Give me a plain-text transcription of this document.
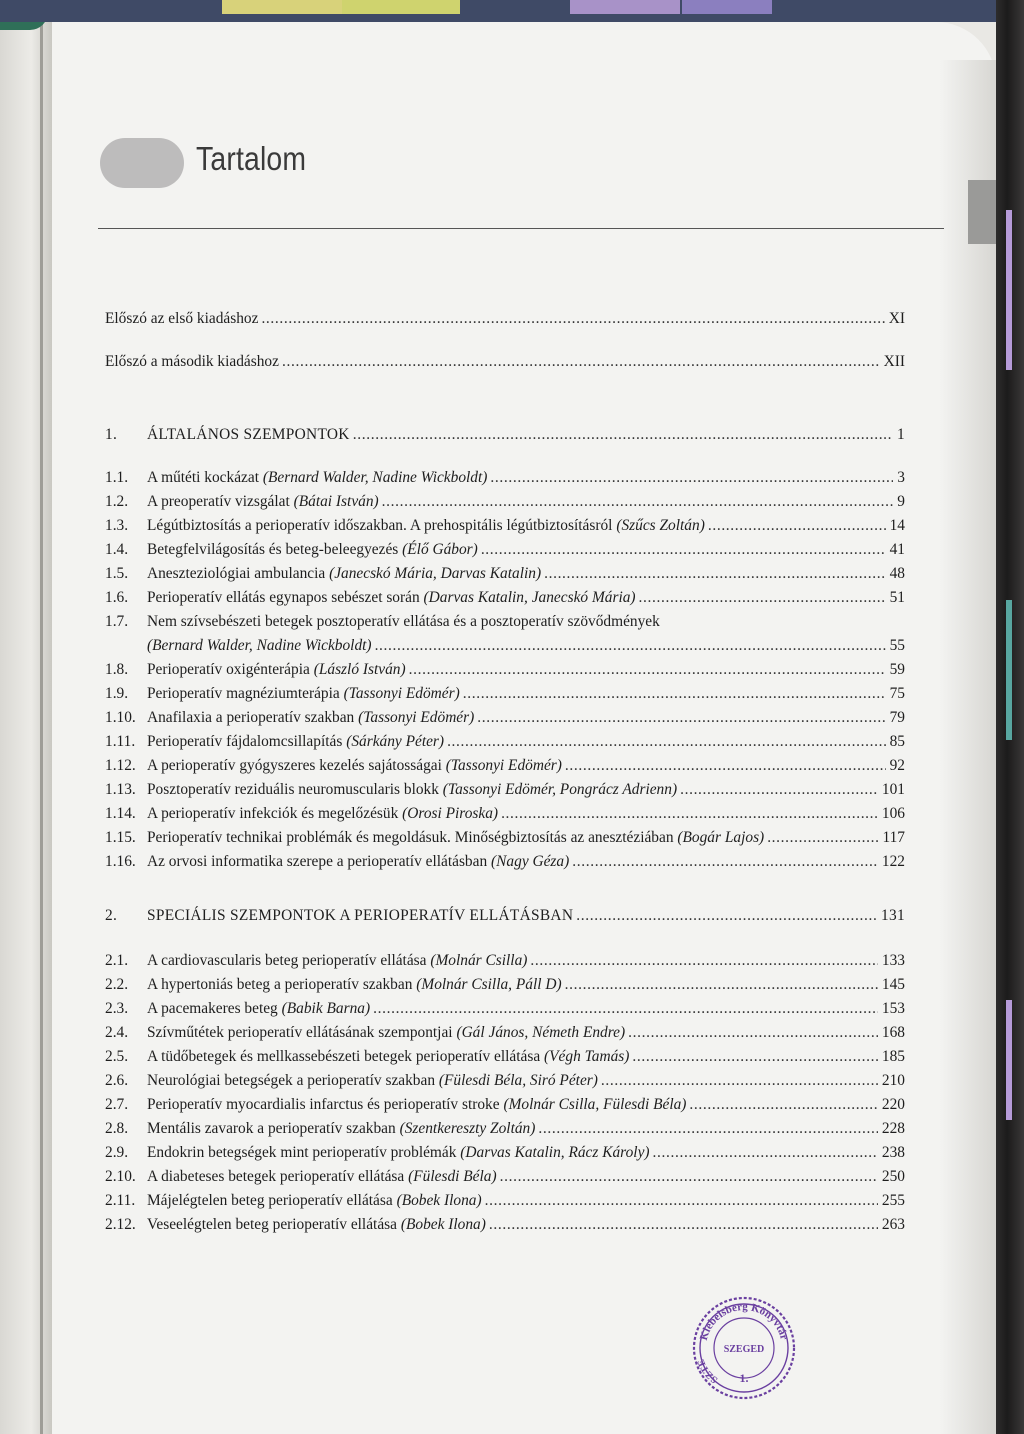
Tartalom
Előszó az első kiadáshoz . . .	XI
Előszó a második kiadáshoz . . .	XII
1. ÁLTALÁNOS SZEMPONTOK . . .	1
1.1. A műtéti kockázat (Bernard Walder, Nadine Wickboldt) . . .	3
1.2. A preoperatív vizsgálat (Bátai István) . . .	9
1.3. Légútbiztosítás a perioperatív időszakban. A prehospitális légútbiztosításról (Szűcs Zoltán) . . .	14
1.4. Betegfelvilágosítás és beteg-beleegyezés (Élő Gábor) . . .	41
1.5. Aneszteziológiai ambulancia (Janecskó Mária, Darvas Katalin) . . .	48
1.6. Perioperatív ellátás egynapos sebészet során (Darvas Katalin, Janecskó Mária) . . .	51
1.7. Nem szívsebészeti betegek posztoperatív ellátása és a posztoperatív szövődmények
(Bernard Walder, Nadine Wickboldt) . . .	55
1.8. Perioperatív oxigénterápia (László István) . . .	59
1.9. Perioperatív magnéziumterápia (Tassonyi Edömér) . . .	75
1.10. Anafilaxia a perioperatív szakban (Tassonyi Edömér) . . .	79
1.11. Perioperatív fájdalomcsillapítás (Sárkány Péter) . . .	85
1.12. A perioperatív gyógyszeres kezelés sajátosságai (Tassonyi Edömér) . . .	92
1.13. Posztoperatív reziduális neuromuscularis blokk (Tassonyi Edömér, Pongrácz Adrienn) . . .	101
1.14. A perioperatív infekciók és megelőzésük (Orosi Piroska) . . .	106
1.15. Perioperatív technikai problémák és megoldásuk. Minőségbiztosítás az anesztéziában (Bogár Lajos) . . .	117
1.16. Az orvosi informatika szerepe a perioperatív ellátásban (Nagy Géza) . . .	122
2. SPECIÁLIS SZEMPONTOK A PERIOPERATÍV ELLÁTÁSBAN . . .	131
2.1. A cardiovascularis beteg perioperatív ellátása (Molnár Csilla) . . .	133
2.2. A hypertoniás beteg a perioperatív szakban (Molnár Csilla, Páll D) . . .	145
2.3. A pacemakeres beteg (Babik Barna) . . .	153
2.4. Szívműtétek perioperatív ellátásának szempontjai (Gál János, Németh Endre) . . .	168
2.5. A tüdőbetegek és mellkassebészeti betegek perioperatív ellátása (Végh Tamás) . . .	185
2.6. Neurológiai betegségek a perioperatív szakban (Fülesdi Béla, Siró Péter) . . .	210
2.7. Perioperatív myocardialis infarctus és perioperatív stroke (Molnár Csilla, Fülesdi Béla) . . .	220
2.8. Mentális zavarok a perioperatív szakban (Szentkereszty Zoltán) . . .	228
2.9. Endokrin betegségek mint perioperatív problémák (Darvas Katalin, Rácz Károly) . . .	238
2.10. A diabeteses betegek perioperatív ellátása (Fülesdi Béla) . . .	250
2.11. Májelégtelen beteg perioperatív ellátása (Bobek Ilona) . . .	255
2.12. Veseelégtelen beteg perioperatív ellátása (Bobek Ilona) . . .	263
Klebelsberg Könyvtár
SZTE
SZEGED
1.
